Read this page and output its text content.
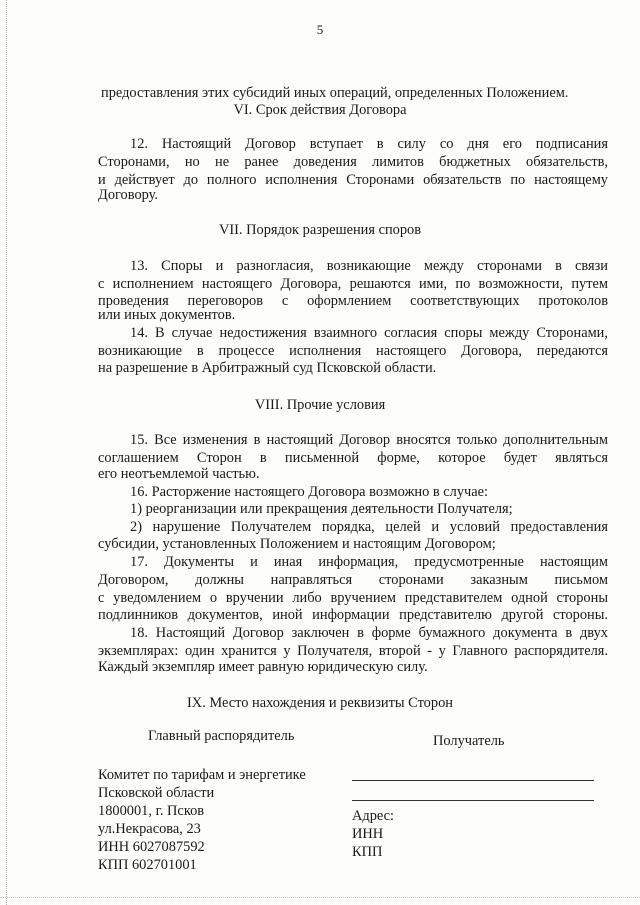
5
предоставления этих субсидий иных операций, определенных Положением.
VI. Срок действия Договора
12. Настоящий Договор вступает в силу со дня его подписания
Сторонами, но не ранее доведения лимитов бюджетных обязательств,
и действует до полного исполнения Сторонами обязательств по настоящему
Договору.
VII. Порядок разрешения споров
13. Споры и разногласия, возникающие между сторонами в связи
с исполнением настоящего Договора, решаются ими, по возможности, путем
проведения переговоров с оформлением соответствующих протоколов
или иных документов.
14. В случае недостижения взаимного согласия споры между Сторонами,
возникающие в процессе исполнения настоящего Договора, передаются
на разрешение в Арбитражный суд Псковской области.
VIII. Прочие условия
15. Все изменения в настоящий Договор вносятся только дополнительным
соглашением Сторон в письменной форме, которое будет являться
его неотъемлемой частью.
16. Расторжение настоящего Договора возможно в случае:
1) реорганизации или прекращения деятельности Получателя;
2) нарушение Получателем порядка, целей и условий предоставления
субсидии, установленных Положением и настоящим Договором;
17. Документы и иная информация, предусмотренные настоящим
Договором, должны направляться сторонами заказным письмом
с уведомлением о вручении либо вручением представителем одной стороны
подлинников документов, иной информации представителю другой стороны.
18. Настоящий Договор заключен в форме бумажного документа в двух
экземплярах: один хранится у Получателя, второй - у Главного распорядителя.
Каждый экземпляр имеет равную юридическую силу.
IX. Место нахождения и реквизиты Сторон
Главный распорядитель	Получатель
Комитет по тарифам и энергетике
Псковской области
1800001, г. Псков
ул.Некрасова, 23
ИНН 6027087592
КПП 602701001
Адрес:
ИНН
КПП
